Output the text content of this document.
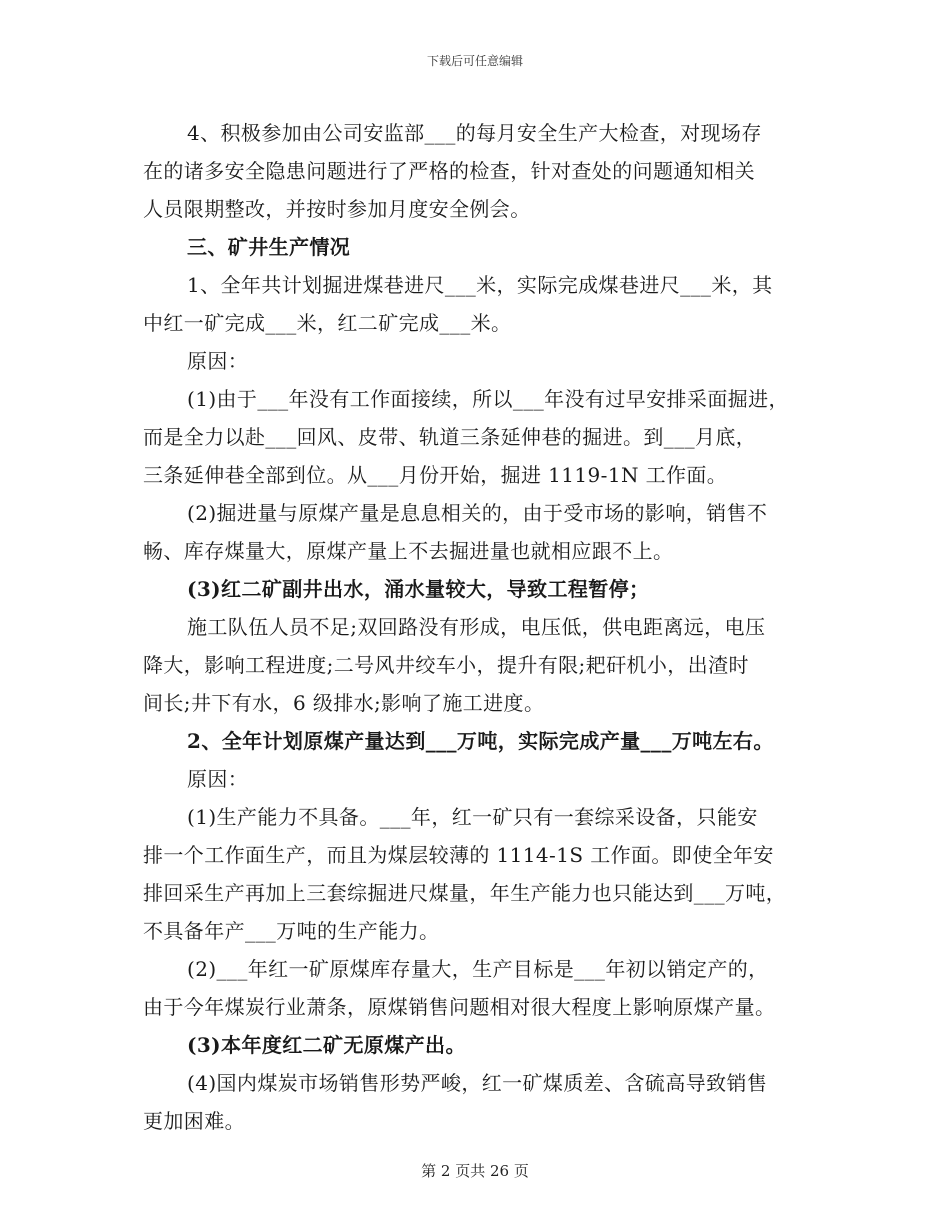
下载后可任意编辑

4、积极参加由公司安监部___的每月安全生产大检查，对现场存

在的诸多安全隐患问题进行了严格的检查，针对查处的问题通知相关

人员限期整改，并按时参加月度安全例会。

三、矿井生产情况

1、全年共计划掘进煤巷进尺___米，实际完成煤巷进尺___米，其

中红一矿完成___米，红二矿完成___米。

原因：

(1)由于___年没有工作面接续，所以___年没有过早安排采面掘进，

而是全力以赴___回风、皮带、轨道三条延伸巷的掘进。到___月底，

三条延伸巷全部到位。从___月份开始，掘进 1119-1N 工作面。

(2)掘进量与原煤产量是息息相关的，由于受市场的影响，销售不

畅、库存煤量大，原煤产量上不去掘进量也就相应跟不上。

(3)红二矿副井出水，涌水量较大，导致工程暂停；

施工队伍人员不足;双回路没有形成，电压低，供电距离远，电压

降大，影响工程进度;二号风井绞车小，提升有限;耙矸机小，出渣时

间长;井下有水，6 级排水;影响了施工进度。

2、全年计划原煤产量达到___万吨，实际完成产量___万吨左右。

原因：

(1)生产能力不具备。___年，红一矿只有一套综采设备，只能安

排一个工作面生产，而且为煤层较薄的 1114-1S 工作面。即使全年安

排回采生产再加上三套综掘进尺煤量，年生产能力也只能达到___万吨，

不具备年产___万吨的生产能力。

(2)___年红一矿原煤库存量大，生产目标是___年初以销定产的，

由于今年煤炭行业萧条，原煤销售问题相对很大程度上影响原煤产量。

(3)本年度红二矿无原煤产出。

(4)国内煤炭市场销售形势严峻，红一矿煤质差、含硫高导致销售

更加困难。

第 2 页共 26 页
